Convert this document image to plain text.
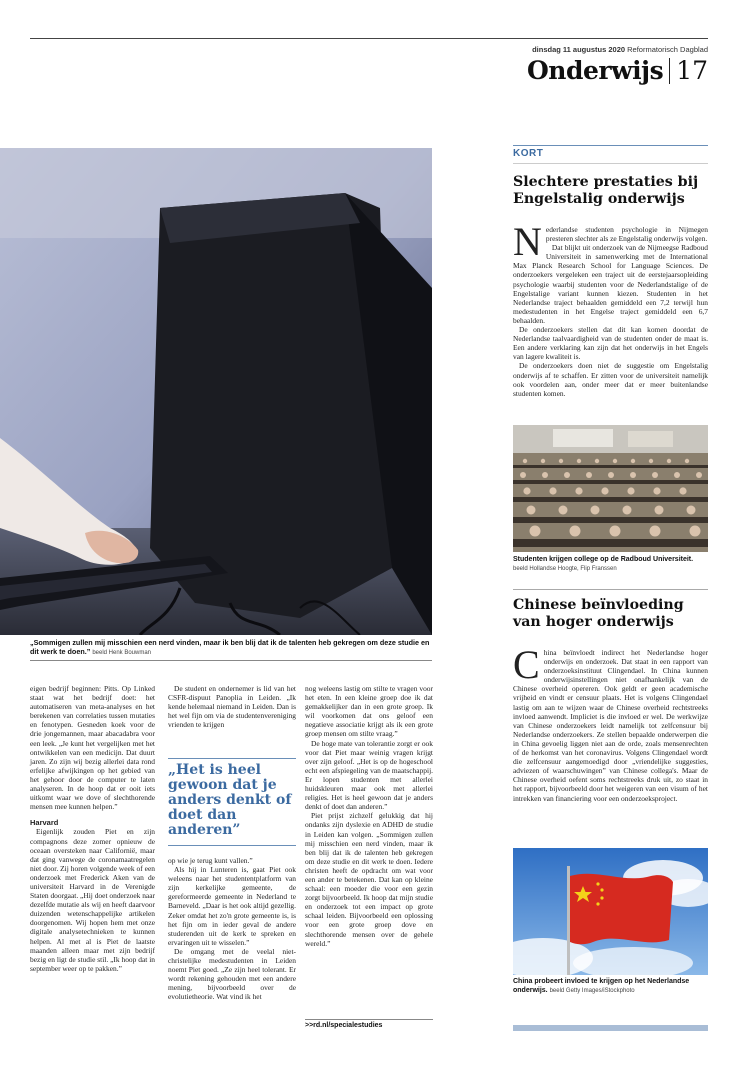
dinsdag 11 augustus 2020 Reformatorisch Dagblad
Onderwijs 17
„Sommigen zullen mij misschien een nerd vinden, maar ik ben blij dat ik de talenten heb gekregen om deze studie en dit werk te doen.” beeld Henk Bouwman

eigen bedrijf beginnen: Pitts. Op Linked staat wat het bedrijf doet: het automatiseren van meta-analyses en het berekenen van correlaties tussen mutaties en fenotypen. Gesneden koek voor de drie jongemannen, maar abacadabra voor een leek. „Je kunt het vergelijken met het ontwikkelen van een medicijn. Dat duurt jaren. Zo zijn wij bezig allerlei data rond erfelijke afwijkingen op het gebied van het gehoor door de computer te laten analyseren. In de hoop dat er ooit iets uitkomt waar we dove of slechthorende mensen mee kunnen helpen.”

Harvard

Eigenlijk zouden Piet en zijn compagnons deze zomer opnieuw de oceaan oversteken naar Californië, maar dat ging vanwege de coronamaatregelen niet door. Zij horen volgende week of een onderzoek met Frederick Aken van de universiteit Harvard in de Verenigde Staten doorgaat. „Hij doet onderzoek naar dezelfde mutatie als wij en heeft daarvoor duizenden wetenschappelijke artikelen doorgenomen. Wij hopen hem met onze digitale analysetechnieken te kunnen helpen. Al met al is Piet de laatste maanden alleen maar met zijn bedrijf bezig en ligt de studie stil. „Ik hoop dat in september weer op te pakken.”

De student en ondernemer is lid van het CSFR-dispuut Panoplia in Leiden. „Ik kende helemaal niemand in Leiden. Dan is het wel fijn om via de studentenvereniging vrienden te krijgen

„Het is heel gewoon dat je anders denkt of doet dan anderen”

op wie je terug kunt vallen.”

Als hij in Lunteren is, gaat Piet ook weleens naar het studententplatform van zijn kerkelijke gemeente, de gereformeerde gemeente in Nederland te Barneveld. „Daar is het ook altijd gezellig. Zeker omdat het zo'n grote gemeente is, is het fijn om in ieder geval de andere studerenden uit de kerk te spreken en ervaringen uit te wisselen.”

De omgang met de veelal niet-christelijke medestudenten in Leiden noemt Piet goed. „Ze zijn heel tolerant. Er wordt rekening gehouden met een andere mening, bijvoorbeeld over de evolutietheorie. Wat vind ik het

nog weleens lastig om stilte te vragen voor het eten. In een kleine groep doe ik dat gemakkelijker dan in een grote groep. Ik wil voorkomen dat ons geloof een negatieve associatie krijgt als ik een grote groep mensen om stilte vraag.”

De hoge mate van tolerantie zorgt er ook voor dat Piet maar weinig vragen krijgt over zijn geloof. „Het is op de hogeschool echt een afspiegeling van de maatschappij. Er lopen studenten met allerlei huidskleuren maar ook met allerlei religies. Het is heel gewoon dat je anders denkt of doet dan anderen.”

Piet prijst zichzelf gelukkig dat hij ondanks zijn dyslexie en ADHD de studie in Leiden kan volgen. „Sommigen zullen mij misschien een nerd vinden, maar ik ben blij dat ik de talenten heb gekregen om deze studie en dit werk te doen. Iedere christen heeft de opdracht om wat voor een ander te betekenen. Dat kan op kleine schaal: een moeder die voor een gezin zorgt bijvoorbeeld. Ik hoop dat mijn studie en onderzoek tot een impact op grote schaal leiden. Bijvoorbeeld een oplossing voor een grote groep dove en slechthorende mensen over de gehele wereld.”

>>rd.nl/specialestudies
KORT
Slechtere prestaties bij Engelstalig onderwijs

Nederlandse studenten psychologie in Nijmegen presteren slechter als ze Engelstalig onderwijs volgen.

Dat blijkt uit onderzoek van de Nijmeegse Radboud Universiteit in samenwerking met de International Max Planck Research School for Language Sciences. De onderzoekers vergeleken een traject uit de eerstejaarsopleiding psychologie waarbij studenten voor de Nederlandstalige of de Engelstalige variant kunnen kiezen. Studenten in het Nederlandse traject behaalden gemiddeld een 7,2 terwijl hun medestudenten in het Engelse traject gemiddeld een 6,7 behaalden.

De onderzoekers stellen dat dit kan komen doordat de Nederlandse taalvaardigheid van de studenten onder de maat is. Een andere verklaring kan zijn dat het onderwijs in het Engels van lagere kwaliteit is.

De onderzoekers doen niet de suggestie om Engelstalig onderwijs af te schaffen. Er zitten voor de universiteit namelijk ook voordelen aan, onder meer dat er meer buitenlandse studenten komen.

Studenten krijgen college op de Radboud Universiteit.
beeld Hollandse Hoogte, Flip Franssen
Chinese beïnvloeding van hoger onderwijs

China beïnvloedt indirect het Nederlandse hoger onderwijs en onderzoek. Dat staat in een rapport van onderzoeksinstituut Clingendael. In China kunnen onderwijsinstellingen niet onafhankelijk van de Chinese overheid opereren. Ook geldt er geen academische vrijheid en vindt er censuur plaats. Het is volgens Clingendael lastig om aan te wijzen waar de Chinese overheid rechtstreeks invloed aanwendt. Impliciet is die invloed er wel. De werkwijze van Chinese onderzoekers leidt namelijk tot zelfcensuur bij Nederlandse onderzoekers. Ze stellen bepaalde onderwerpen die in China gevoelig liggen niet aan de orde, zoals mensenrechten of de herkomst van het coronavirus. Volgens Clingendael wordt die zelfcensuur aangemoedigd door „vriendelijke suggesties, adviezen of waarschuwingen” van Chinese collega's. Maar de Chinese overheid oefent soms rechtstreeks druk uit, zo staat in het rapport, bijvoorbeeld door het weigeren van een visum of het intrekken van financiering voor een onderzoeksproject.

China probeert invloed te krijgen op het Nederlandse onderwijs. beeld Getty Images/iStockphoto
